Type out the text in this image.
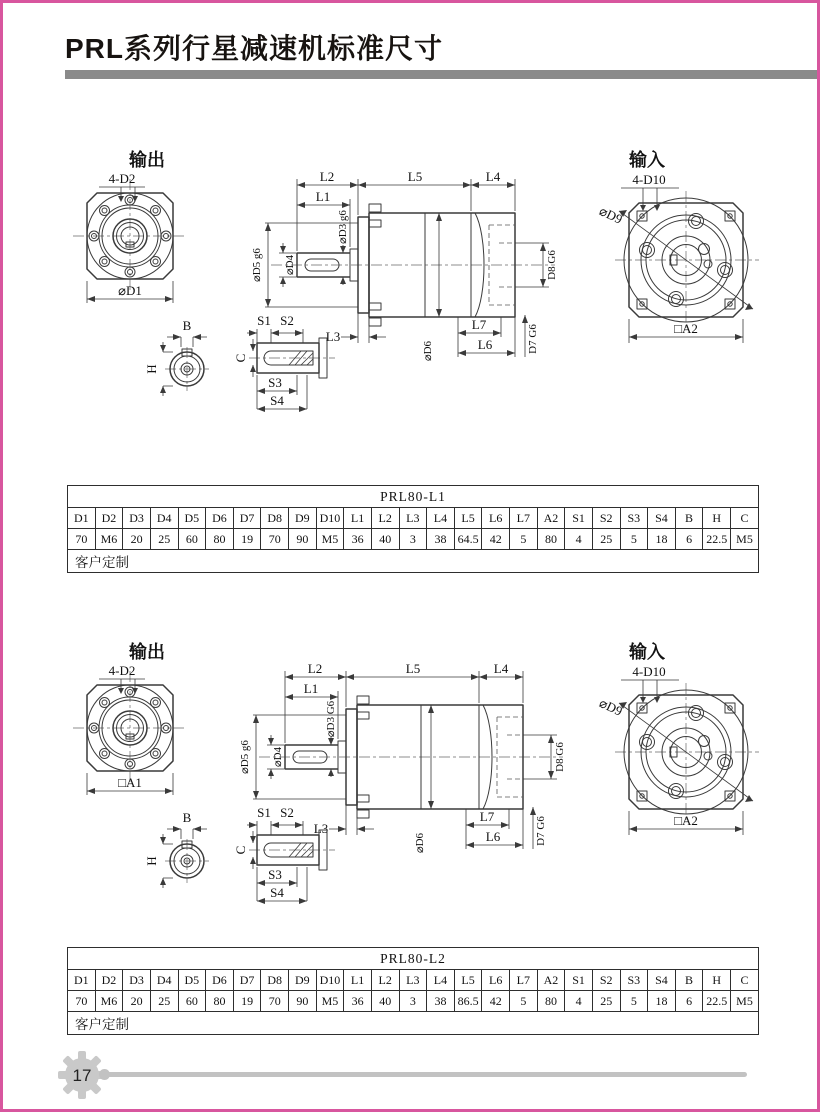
PRL系列行星减速机标准尺寸
输出	输入
4-D2
⌀D1
L2	L5	L4
L1
⌀D3 g6
⌀D5 g6 ⌀D4	D8 G6
D7 G6
⌀D6
L3
L7
L6
4-D10
⌀D9
□A2
B
H
S1 S2
C
S3
S4
PRL80-L1																								
D1	D2	D3	D4	D5	D6	D7	D8	D9	D10	L1	L2	L3	L4	L5	L6	L7	A2	S1	S2	S3	S4	B	H	C
70	M6	20	25	60	80	19	70	90	M5	36	40	3	38	64.5	42	5	80	4	25	5	18	6	22.5	M5
客户定制																								
输出	输入
4-D2
□A1
L2	L5	L4
L1
⌀D3 G6
⌀D5 g6 ⌀D4	D8 G6
D7 G6
⌀D6
L3
L7
L6
4-D10
⌀D9
□A2
B
H
S1 S2
C
S3
S4
PRL80-L2																								
D1	D2	D3	D4	D5	D6	D7	D8	D9	D10	L1	L2	L3	L4	L5	L6	L7	A2	S1	S2	S3	S4	B	H	C
70	M6	20	25	60	80	19	70	90	M5	36	40	3	38	86.5	42	5	80	4	25	5	18	6	22.5	M5
客户定制																								
17
